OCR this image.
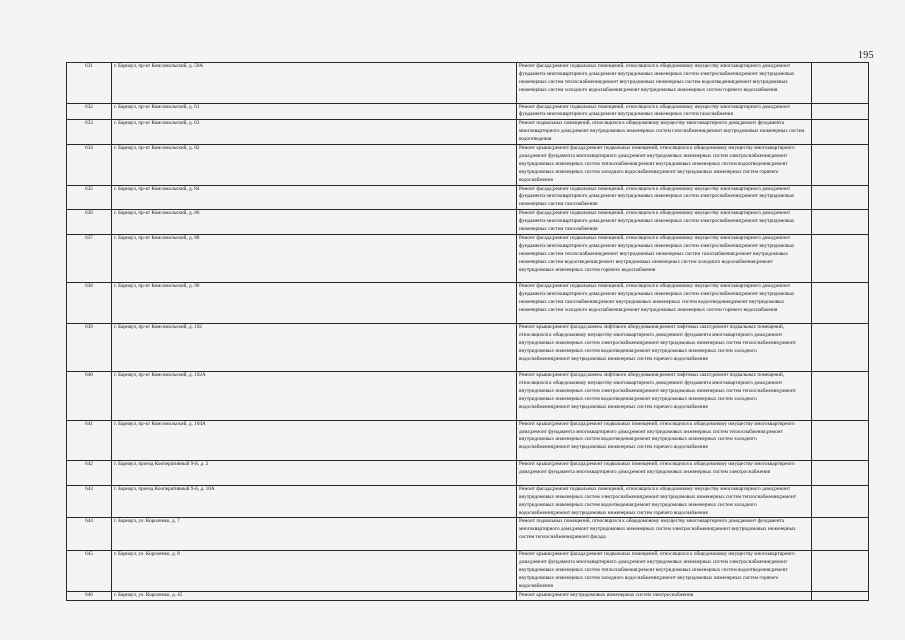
195
631	г. Барнаул, пр-кт Комсомольский, д. 50А	Ремонт фасада;ремонт подвальных помещений, относящихся к общедомовому имуществу многоквартирного дома;ремонт фундамента многоквартирного дома;ремонт внутридомовых инженерных систем электроснабжения;ремонт внутридомовых инженерных систем теплоснабжения;ремонт внутридомовых инженерных систем водоотведения;ремонт внутридомовых инженерных систем холодного водоснабжения;ремонт внутридомовых инженерных систем горячего водоснабжения	
632	г. Барнаул, пр-кт Комсомольский, д. 61	Ремонт фасада;ремонт подвальных помещений, относящихся к общедомовому имуществу многоквартирного дома;ремонт фундамента многоквартирного дома;ремонт внутридомовых инженерных систем газоснабжения	
633	г. Барнаул, пр-кт Комсомольский, д. 63	Ремонт подвальных помещений, относящихся к общедомовому имуществу многоквартирного дома;ремонт фундамента многоквартирного дома;ремонт внутридомовых инженерных систем газоснабжения;ремонт внутридомовых инженерных систем водоотведения	
634	г. Барнаул, пр-кт Комсомольский, д. 82	Ремонт крыши;ремонт фасада;ремонт подвальных помещений, относящихся к общедомовому имуществу многоквартирного дома;ремонт фундамента многоквартирного дома;ремонт внутридомовых инженерных систем электроснабжения;ремонт внутридомовых инженерных систем теплоснабжения;ремонт внутридомовых инженерных систем водоотведения;ремонт внутридомовых инженерных систем холодного водоснабжения;ремонт внутридомовых инженерных систем горячего водоснабжения	
635	г. Барнаул, пр-кт Комсомольский, д. 84	Ремонт фасада;ремонт подвальных помещений, относящихся к общедомовому имуществу многоквартирного дома;ремонт фундамента многоквартирного дома;ремонт внутридомовых инженерных систем электроснабжения;ремонт внутридомовых инженерных систем газоснабжения	
636	г. Барнаул, пр-кт Комсомольский, д. 86	Ремонт фасада;ремонт подвальных помещений, относящихся к общедомовому имуществу многоквартирного дома;ремонт фундамента многоквартирного дома;ремонт внутридомовых инженерных систем электроснабжения;ремонт внутридомовых инженерных систем газоснабжения	
637	г. Барнаул, пр-кт Комсомольский, д. 88	Ремонт фасада;ремонт подвальных помещений, относящихся к общедомовому имуществу многоквартирного дома;ремонт фундамента многоквартирного дома;ремонт внутридомовых инженерных систем электроснабжения;ремонт внутридомовых инженерных систем теплоснабжения;ремонт внутридомовых инженерных систем газоснабжения;ремонт внутридомовых инженерных систем водоотведения;ремонт внутридомовых инженерных систем холодного водоснабжения;ремонт внутридомовых инженерных систем горячего водоснабжения	
638	г. Барнаул, пр-кт Комсомольский, д. 90	Ремонт фасада;ремонт подвальных помещений, относящихся к общедомовому имуществу многоквартирного дома;ремонт фундамента многоквартирного дома;ремонт внутридомовых инженерных систем электроснабжения;ремонт внутридомовых инженерных систем газоснабжения;ремонт внутридомовых инженерных систем водоотведения;ремонт внутридомовых инженерных систем холодного водоснабжения;ремонт внутридомовых инженерных систем горячего водоснабжения	
639	г. Барнаул, пр-кт Комсомольский, д. 102	Ремонт крыши;ремонт фасада;замена лифтового оборудования;ремонт лифтовых шахт;ремонт подвальных помещений, относящихся к общедомовому имуществу многоквартирного дома;ремонт фундамента многоквартирного дома;ремонт внутридомовых инженерных систем электроснабжения;ремонт внутридомовых инженерных систем теплоснабжения;ремонт внутридомовых инженерных систем водоотведения;ремонт внутридомовых инженерных систем холодного водоснабжения;ремонт внутридомовых инженерных систем горячего водоснабжения	
640	г. Барнаул, пр-кт Комсомольский, д. 102А	Ремонт крыши;ремонт фасада;замена лифтового оборудования;ремонт лифтовых шахт;ремонт подвальных помещений, относящихся к общедомовому имуществу многоквартирного дома;ремонт фундамента многоквартирного дома;ремонт внутридомовых инженерных систем электроснабжения;ремонт внутридомовых инженерных систем теплоснабжения;ремонт внутридомовых инженерных систем водоотведения;ремонт внутридомовых инженерных систем холодного водоснабжения;ремонт внутридомовых инженерных систем горячего водоснабжения	
641	г. Барнаул, пр-кт Комсомольский, д. 104А	Ремонт крыши;ремонт фасада;ремонт подвальных помещений, относящихся к общедомовому имуществу многоквартирного дома;ремонт фундамента многоквартирного дома;ремонт внутридомовых инженерных систем теплоснабжения;ремонт внутридомовых инженерных систем водоотведения;ремонт внутридомовых инженерных систем холодного водоснабжения;ремонт внутридомовых инженерных систем горячего водоснабжения	
642	г. Барнаул, проезд Кооперативный 9-й, д. 2	Ремонт крыши;ремонт фасада;ремонт подвальных помещений, относящихся к общедомовому имуществу многоквартирного дома;ремонт фундамента многоквартирного дома;ремонт внутридомовых инженерных систем электроснабжения	
643	г. Барнаул, проезд Кооперативный 9-й, д. 10А	Ремонт фасада;ремонт подвальных помещений, относящихся к общедомовому имуществу многоквартирного дома;ремонт внутридомовых инженерных систем электроснабжения;ремонт внутридомовых инженерных систем теплоснабжения;ремонт внутридомовых инженерных систем водоотведения;ремонт внутридомовых инженерных систем холодного водоснабжения;ремонт внутридомовых инженерных систем горячего водоснабжения	
644	г. Барнаул, ул. Короленко, д. 7	Ремонт подвальных помещений, относящихся к общедомовому имуществу многоквартирного дома;ремонт фундамента многоквартирного дома;ремонт внутридомовых инженерных систем электроснабжения;ремонт внутридомовых инженерных систем теплоснабжения;ремонт фасада	
645	г. Барнаул, ул. Короленко, д. 8	Ремонт крыши;ремонт фасада;ремонт подвальных помещений, относящихся к общедомовому имуществу многоквартирного дома;ремонт фундамента многоквартирного дома;ремонт внутридомовых инженерных систем электроснабжения;ремонт внутридомовых инженерных систем теплоснабжения;ремонт внутридомовых инженерных систем водоотведения;ремонт внутридомовых инженерных систем холодного водоснабжения;ремонт внутридомовых инженерных систем горячего водоснабжения	
646	г. Барнаул, ул. Короленко, д. 45	Ремонт крыши;ремонт внутридомовых инженерных систем электроснабжения	
